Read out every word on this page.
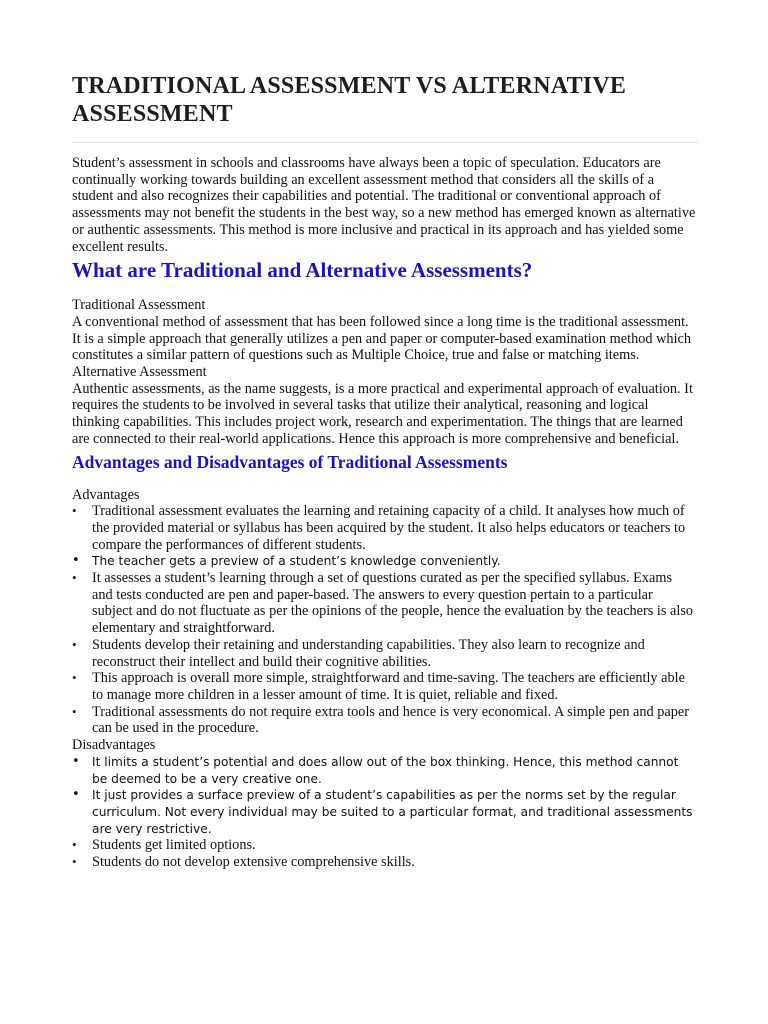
TRADITIONAL ASSESSMENT VS ALTERNATIVE ASSESSMENT

Student’s assessment in schools and classrooms have always been a topic of speculation. Educators are continually working towards building an excellent assessment method that considers all the skills of a student and also recognizes their capabilities and potential. The traditional or conventional approach of assessments may not benefit the students in the best way, so a new method has emerged known as alternative or authentic assessments. This method is more inclusive and practical in its approach and has yielded some excellent results.

What are Traditional and Alternative Assessments?
Traditional Assessment

A conventional method of assessment that has been followed since a long time is the traditional assessment. It is a simple approach that generally utilizes a pen and paper or computer-based examination method which constitutes a similar pattern of questions such as Multiple Choice, true and false or matching items.

Alternative Assessment

Authentic assessments, as the name suggests, is a more practical and experimental approach of evaluation. It requires the students to be involved in several tasks that utilize their analytical, reasoning and logical thinking capabilities. This includes project work, research and experimentation. The things that are learned are connected to their real-world applications. Hence this approach is more comprehensive and beneficial.

Advantages and Disadvantages of Traditional Assessments
Advantages
• Traditional assessment evaluates the learning and retaining capacity of a child. It analyses how much of the provided material or syllabus has been acquired by the student. It also helps educators or teachers to compare the performances of different students.
• The teacher gets a preview of a student’s knowledge conveniently.
• It assesses a student’s learning through a set of questions curated as per the specified syllabus. Exams and tests conducted are pen and paper-based. The answers to every question pertain to a particular subject and do not fluctuate as per the opinions of the people, hence the evaluation by the teachers is also elementary and straightforward.
• Students develop their retaining and understanding capabilities. They also learn to recognize and reconstruct their intellect and build their cognitive abilities.
• This approach is overall more simple, straightforward and time-saving. The teachers are efficiently able to manage more children in a lesser amount of time. It is quiet, reliable and fixed.
• Traditional assessments do not require extra tools and hence is very economical. A simple pen and paper can be used in the procedure.
Disadvantages
• It limits a student’s potential and does allow out of the box thinking. Hence, this method cannot be deemed to be a very creative one.
• It just provides a surface preview of a student’s capabilities as per the norms set by the regular curriculum. Not every individual may be suited to a particular format, and traditional assessments are very restrictive.
• Students get limited options.
• Students do not develop extensive comprehensive skills.
